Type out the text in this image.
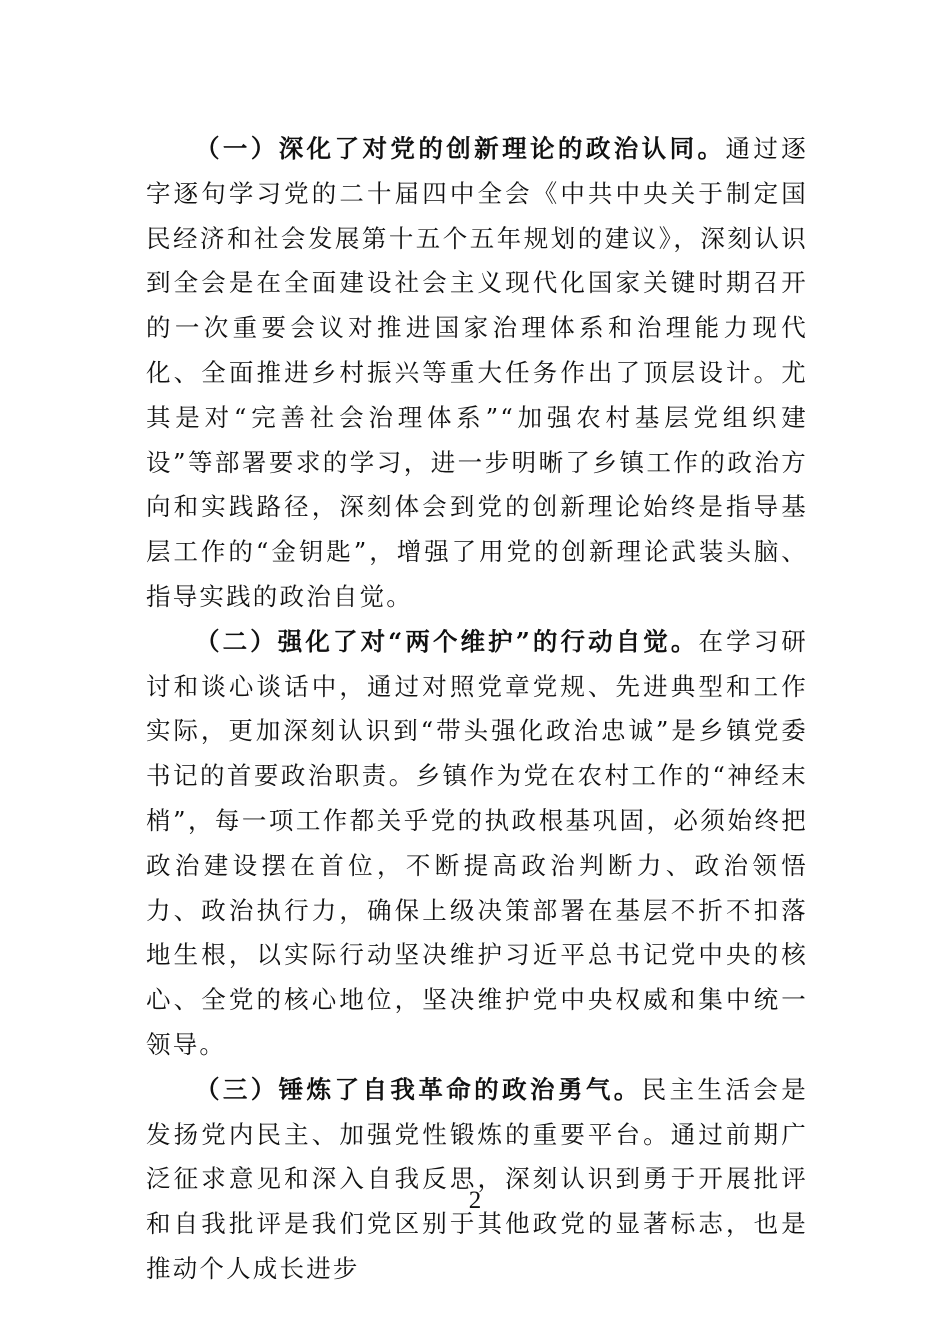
（一）深化了对党的创新理论的政治认同。通过逐字逐句学习党的二十届四中全会《中共中央关于制定国民经济和社会发展第十五个五年规划的建议》，深刻认识到全会是在全面建设社会主义现代化国家关键时期召开的一次重要会议对推进国家治理体系和治理能力现代化、全面推进乡村振兴等重大任务作出了顶层设计。尤其是对“完善社会治理体系”“加强农村基层党组织建设”等部署要求的学习，进一步明晰了乡镇工作的政治方向和实践路径，深刻体会到党的创新理论始终是指导基层工作的“金钥匙”，增强了用党的创新理论武装头脑、指导实践的政治自觉。

（二）强化了对“两个维护”的行动自觉。在学习研讨和谈心谈话中，通过对照党章党规、先进典型和工作实际，更加深刻认识到“带头强化政治忠诚”是乡镇党委书记的首要政治职责。乡镇作为党在农村工作的“神经末梢”，每一项工作都关乎党的执政根基巩固，必须始终把政治建设摆在首位，不断提高政治判断力、政治领悟力、政治执行力，确保上级决策部署在基层不折不扣落地生根，以实际行动坚决维护习近平总书记党中央的核心、全党的核心地位，坚决维护党中央权威和集中统一领导。

（三）锤炼了自我革命的政治勇气。民主生活会是发扬党内民主、加强党性锻炼的重要平台。通过前期广泛征求意见和深入自我反思，深刻认识到勇于开展批评和自我批评是我们党区别于其他政党的显著标志，也是推动个人成长进步

2
